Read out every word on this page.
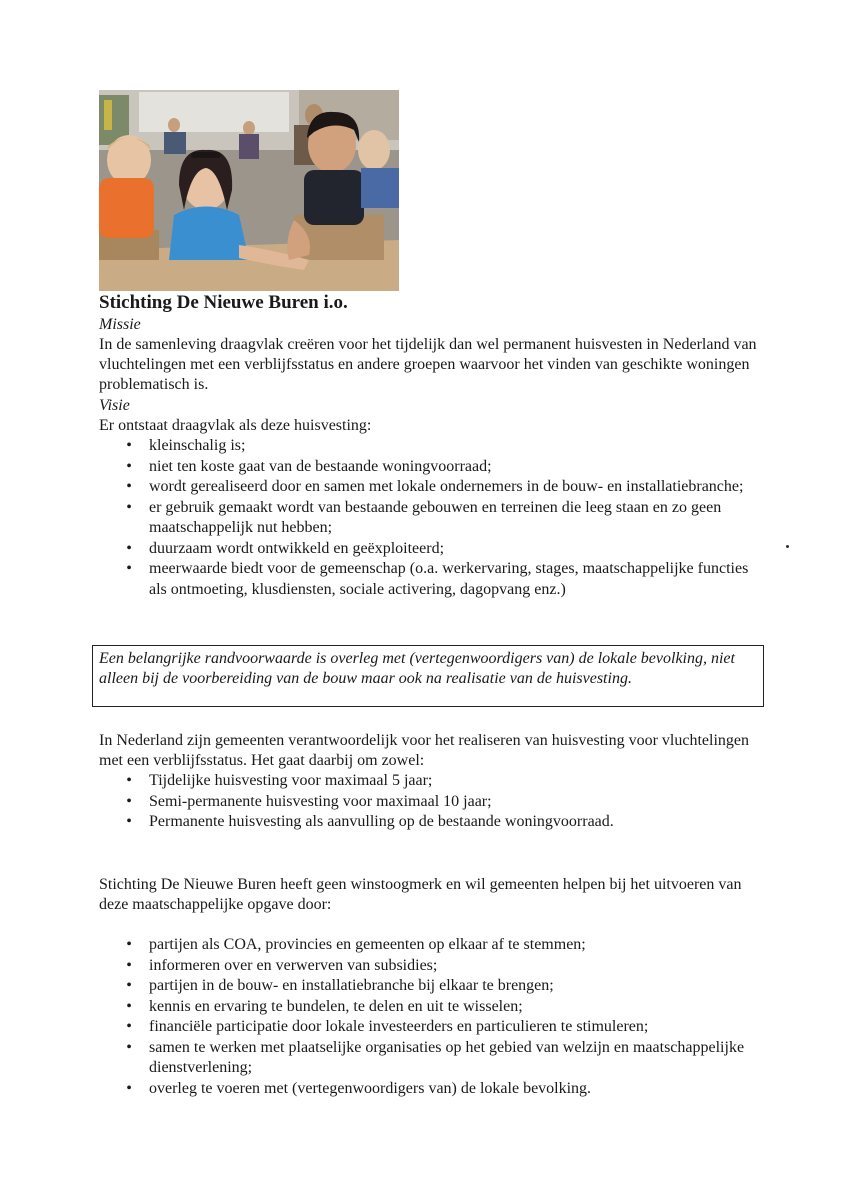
Stichting De Nieuwe Buren i.o.
Missie

In de samenleving draagvlak creëren voor het tijdelijk dan wel permanent huisvesten in Nederland van vluchtelingen met een verblijfsstatus en andere groepen waarvoor het vinden van geschikte woningen problematisch is.

Visie
Er ontstaat draagvlak als deze huisvesting:
• kleinschalig is;
• niet ten koste gaat van de bestaande woningvoorraad;
• wordt gerealiseerd door en samen met lokale ondernemers in de bouw- en installatiebranche;
• er gebruik gemaakt wordt van bestaande gebouwen en terreinen die leeg staan en zo geen maatschappelijk nut hebben;
• duurzaam wordt ontwikkeld en geëxploiteerd;
• meerwaarde biedt voor de gemeenschap (o.a. werkervaring, stages, maatschappelijke functies als ontmoeting, klusdiensten, sociale activering, dagopvang enz.)
Een belangrijke randvoorwaarde is overleg met (vertegenwoordigers van) de lokale bevolking, niet alleen bij de voorbereiding van de bouw maar ook na realisatie van de huisvesting.

In Nederland zijn gemeenten verantwoordelijk voor het realiseren van huisvesting voor vluchtelingen met een verblijfsstatus. Het gaat daarbij om zowel:

• Tijdelijke huisvesting voor maximaal 5 jaar;
• Semi-permanente huisvesting voor maximaal 10 jaar;
• Permanente huisvesting als aanvulling op de bestaande woningvoorraad.

Stichting De Nieuwe Buren heeft geen winstoogmerk en wil gemeenten helpen bij het uitvoeren van deze maatschappelijke opgave door:

• partijen als COA, provincies en gemeenten op elkaar af te stemmen;
• informeren over en verwerven van subsidies;
• partijen in de bouw- en installatiebranche bij elkaar te brengen;
• kennis en ervaring te bundelen, te delen en uit te wisselen;
• financiële participatie door lokale investeerders en particulieren te stimuleren;
• samen te werken met plaatselijke organisaties op het gebied van welzijn en maatschappelijke dienstverlening;
• overleg te voeren met (vertegenwoordigers van) de lokale bevolking.
